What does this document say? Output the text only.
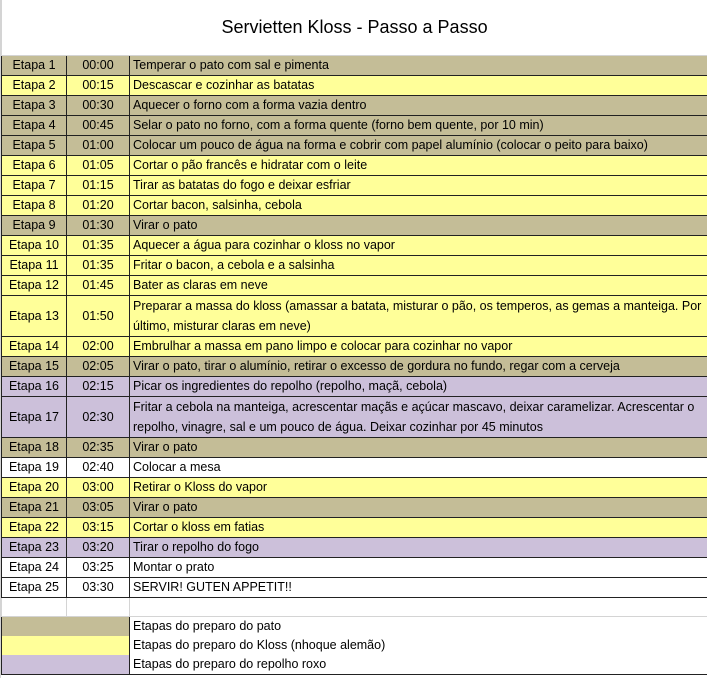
Servietten Kloss - Passo a Passo		
Etapa 1	00:00	Temperar o pato com sal e pimenta
Etapa 2	00:15	Descascar e cozinhar as batatas
Etapa 3	00:30	Aquecer o forno com a forma vazia dentro
Etapa 4	00:45	Selar o pato no forno, com a forma quente (forno bem quente, por 10 min)
Etapa 5	01:00	Colocar um pouco de água na forma e cobrir com papel alumínio (colocar o peito para baixo)
Etapa 6	01:05	Cortar o pão francês e hidratar com o leite
Etapa 7	01:15	Tirar as batatas do fogo e deixar esfriar
Etapa 8	01:20	Cortar bacon, salsinha, cebola
Etapa 9	01:30	Virar o pato
Etapa 10	01:35	Aquecer a água para cozinhar o kloss no vapor
Etapa 11	01:35	Fritar o bacon, a cebola e a salsinha
Etapa 12	01:45	Bater as claras em neve
Etapa 13	01:50	Preparar a massa do kloss (amassar a batata, misturar o pão, os temperos, as gemas a manteiga. Por último, misturar claras em neve)
Etapa 14	02:00	Embrulhar a massa em pano limpo e colocar para cozinhar no vapor
Etapa 15	02:05	Virar o pato, tirar o alumínio, retirar o excesso de gordura no fundo, regar com a cerveja
Etapa 16	02:15	Picar os ingredientes do repolho (repolho, maçã, cebola)
Etapa 17	02:30	Fritar a cebola na manteiga, acrescentar maçãs e açúcar mascavo, deixar caramelizar. Acrescentar o repolho, vinagre, sal e um pouco de água. Deixar cozinhar por 45 minutos
Etapa 18	02:35	Virar o pato
Etapa 19	02:40	Colocar a mesa
Etapa 20	03:00	Retirar o Kloss do vapor
Etapa 21	03:05	Virar o pato
Etapa 22	03:15	Cortar o kloss em fatias
Etapa 23	03:20	Tirar o repolho do fogo
Etapa 24	03:25	Montar o prato
Etapa 25	03:30	SERVIR! GUTEN APPETIT!!

		Etapas do preparo do pato
		Etapas do preparo do Kloss (nhoque alemão)
		Etapas do preparo do repolho roxo
